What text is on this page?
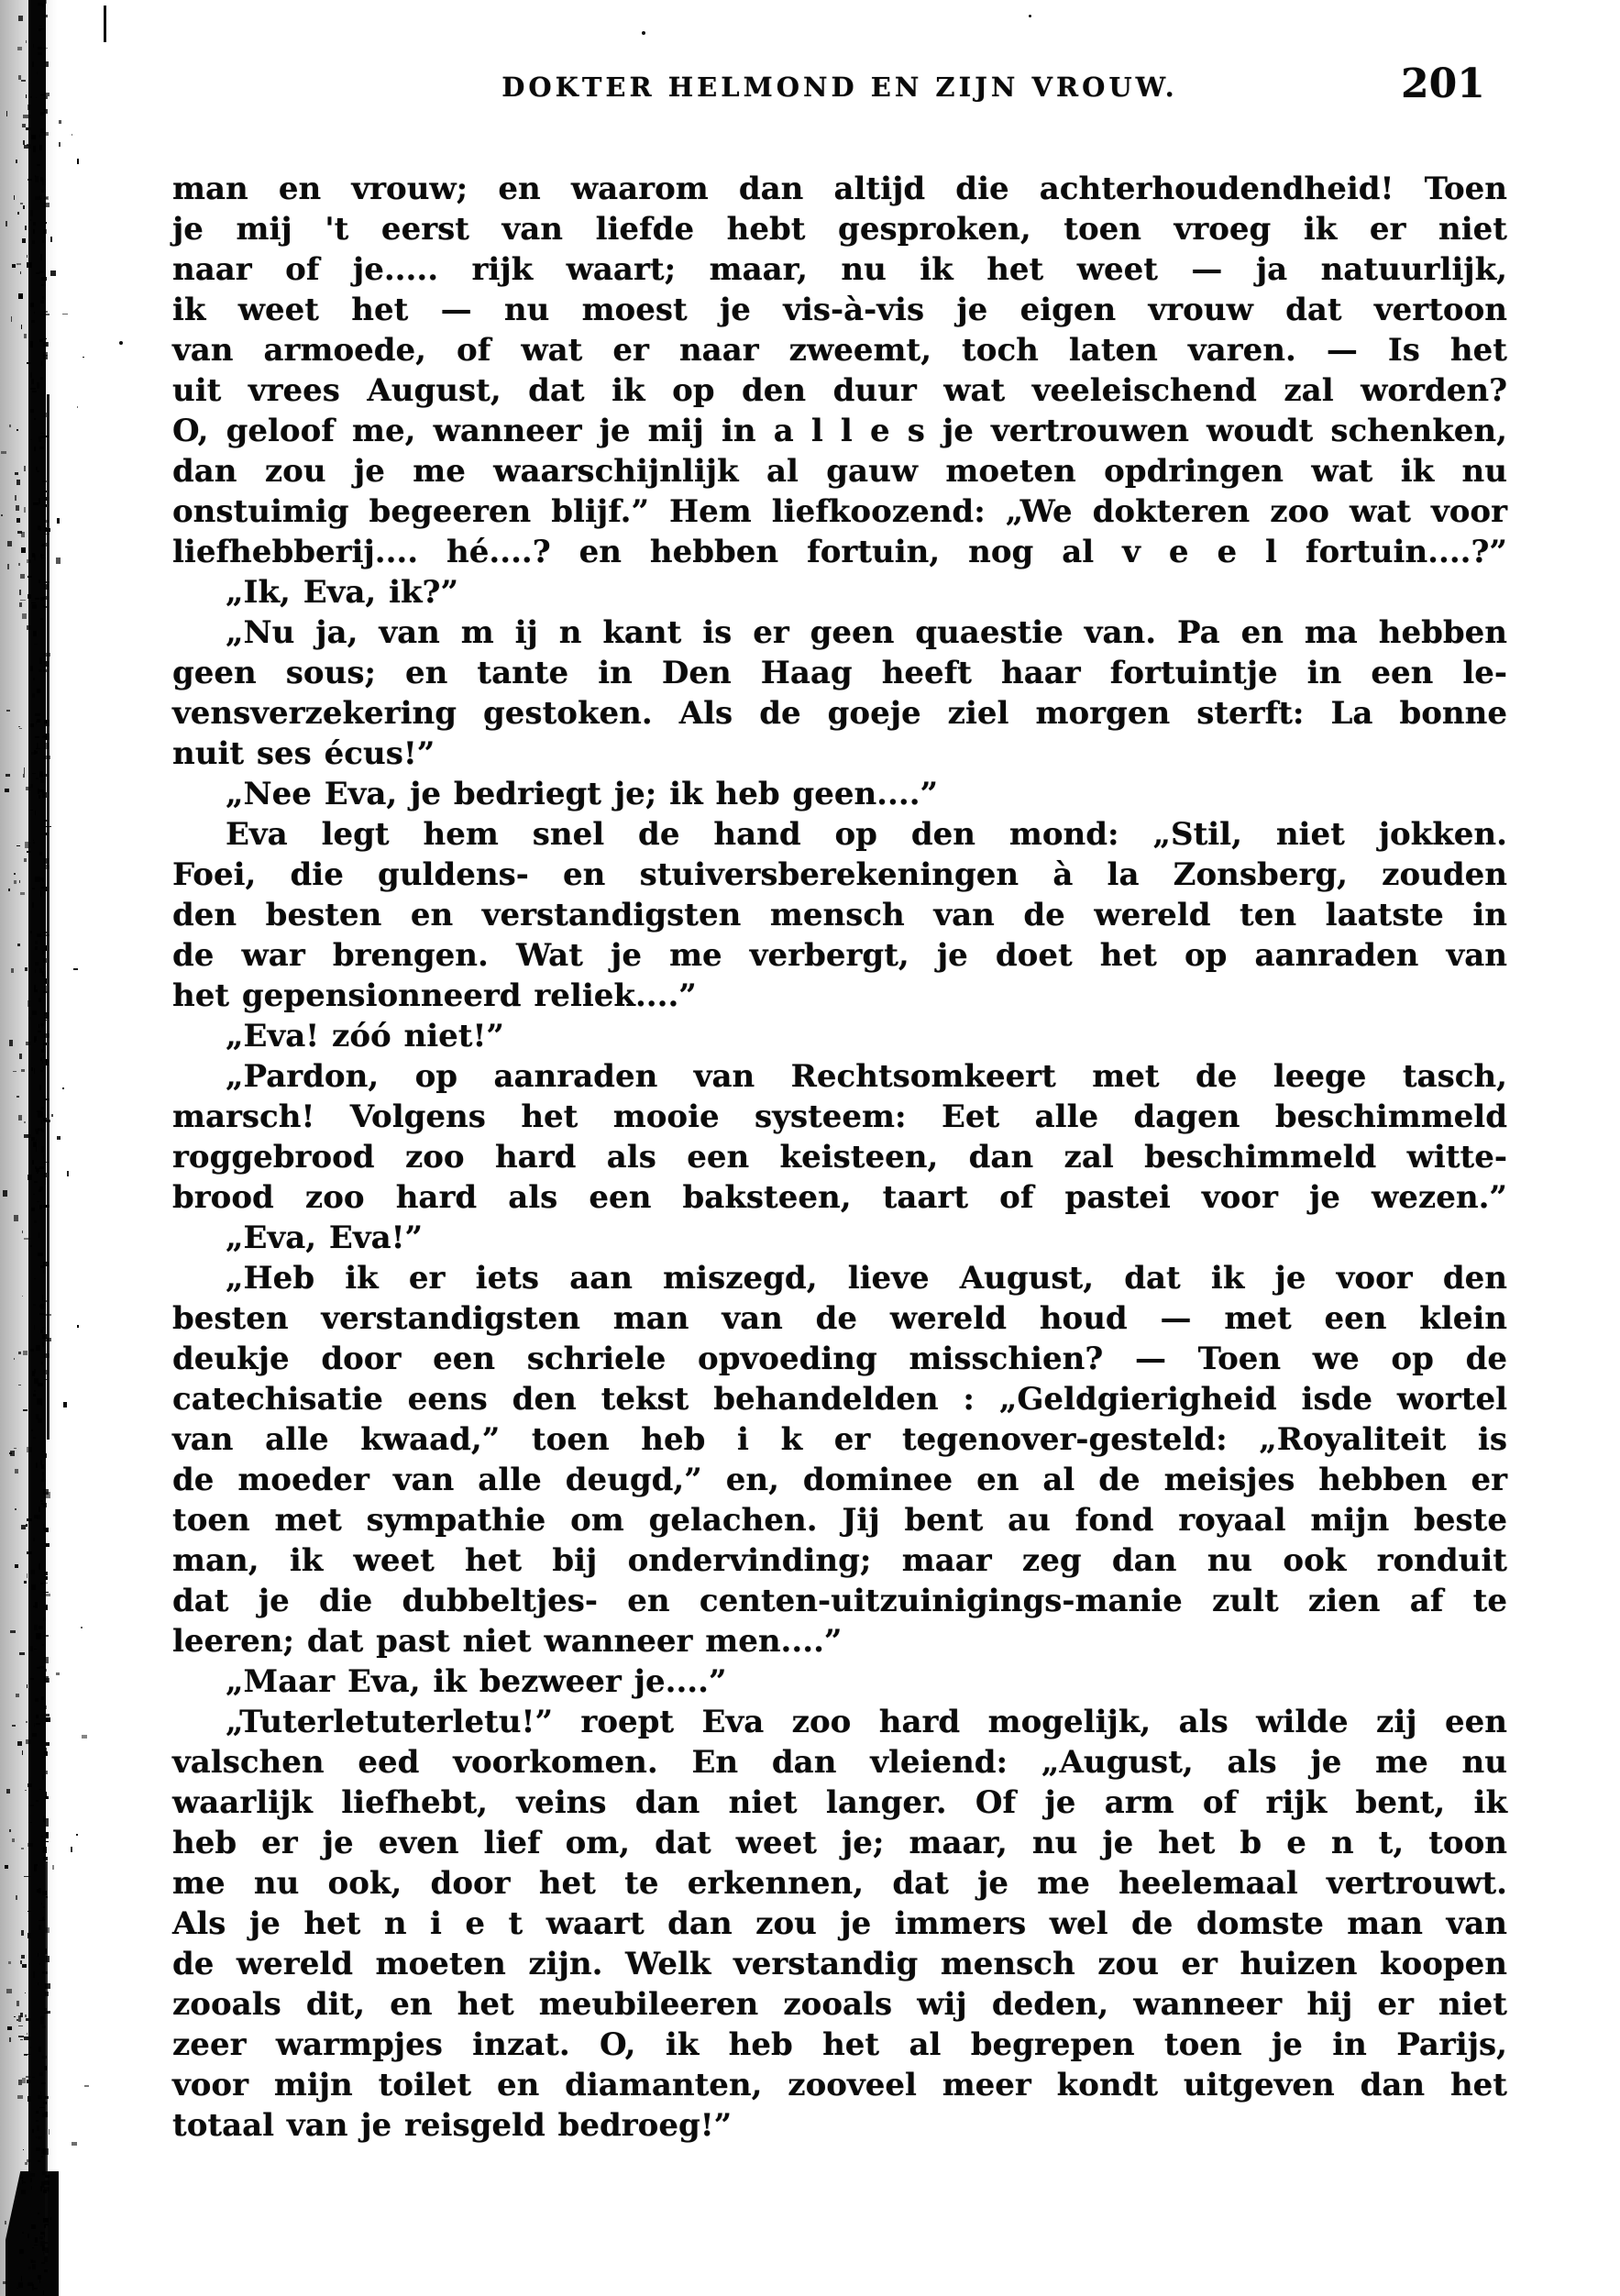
DOKTER HELMOND EN ZIJN VROUW.	201
man en vrouw; en waarom dan altijd die achterhoudendheid! Toen
je mij 't eerst van liefde hebt gesproken, toen vroeg ik er niet
naar of je..... rijk waart; maar, nu ik het weet — ja natuurlijk,
ik weet het — nu moest je vis-à-vis je eigen vrouw dat vertoon
van armoede, of wat er naar zweemt, toch laten varen. — Is het
uit vrees August, dat ik op den duur wat veeleischend zal worden?
O, geloof me, wanneer je mij in a l l e s je vertrouwen woudt schenken,
dan zou je me waarschijnlijk al gauw moeten opdringen wat ik nu
onstuimig begeeren blijf.” Hem liefkoozend: „We dokteren zoo wat voor
liefhebberij.... hé....? en hebben fortuin, nog al v e e l fortuin....?”
„Ik, Eva, ik?”
„Nu ja, van m ij n kant is er geen quaestie van. Pa en ma hebben
geen sous; en tante in Den Haag heeft haar fortuintje in een le-
vensverzekering gestoken. Als de goeje ziel morgen sterft: La bonne
nuit ses écus!”
„Nee Eva, je bedriegt je; ik heb geen....”
Eva legt hem snel de hand op den mond: „Stil, niet jokken.
Foei, die guldens- en stuiversberekeningen à la Zonsberg, zouden
den besten en verstandigsten mensch van de wereld ten laatste in
de war brengen. Wat je me verbergt, je doet het op aanraden van
het gepensionneerd reliek....”
„Eva! zóó niet!”
„Pardon, op aanraden van Rechtsomkeert met de leege tasch,
marsch! Volgens het mooie systeem: Eet alle dagen beschimmeld
roggebrood zoo hard als een keisteen, dan zal beschimmeld witte-
brood zoo hard als een baksteen, taart of pastei voor je wezen.”
„Eva, Eva!”
„Heb ik er iets aan miszegd, lieve August, dat ik je voor den
besten verstandigsten man van de wereld houd — met een klein
deukje door een schriele opvoeding misschien? — Toen we op de
catechisatie eens den tekst behandelden : „Geldgierigheid isde wortel
van alle kwaad,” toen heb i k er tegenover-gesteld: „Royaliteit is
de moeder van alle deugd,” en, dominee en al de meisjes hebben er
toen met sympathie om gelachen. Jij bent au fond royaal mijn beste
man, ik weet het bij ondervinding; maar zeg dan nu ook ronduit
dat je die dubbeltjes- en centen-uitzuinigings-manie zult zien af te
leeren; dat past niet wanneer men....”
„Maar Eva, ik bezweer je....”
„Tuterletuterletu!” roept Eva zoo hard mogelijk, als wilde zij een
valschen eed voorkomen. En dan vleiend: „August, als je me nu
waarlijk liefhebt, veins dan niet langer. Of je arm of rijk bent, ik
heb er je even lief om, dat weet je; maar, nu je het b e n t, toon
me nu ook, door het te erkennen, dat je me heelemaal vertrouwt.
Als je het n i e t waart dan zou je immers wel de domste man van
de wereld moeten zijn. Welk verstandig mensch zou er huizen koopen
zooals dit, en het meubileeren zooals wij deden, wanneer hij er niet
zeer warmpjes inzat. O, ik heb het al begrepen toen je in Parijs,
voor mijn toilet en diamanten, zooveel meer kondt uitgeven dan het
totaal van je reisgeld bedroeg!”
